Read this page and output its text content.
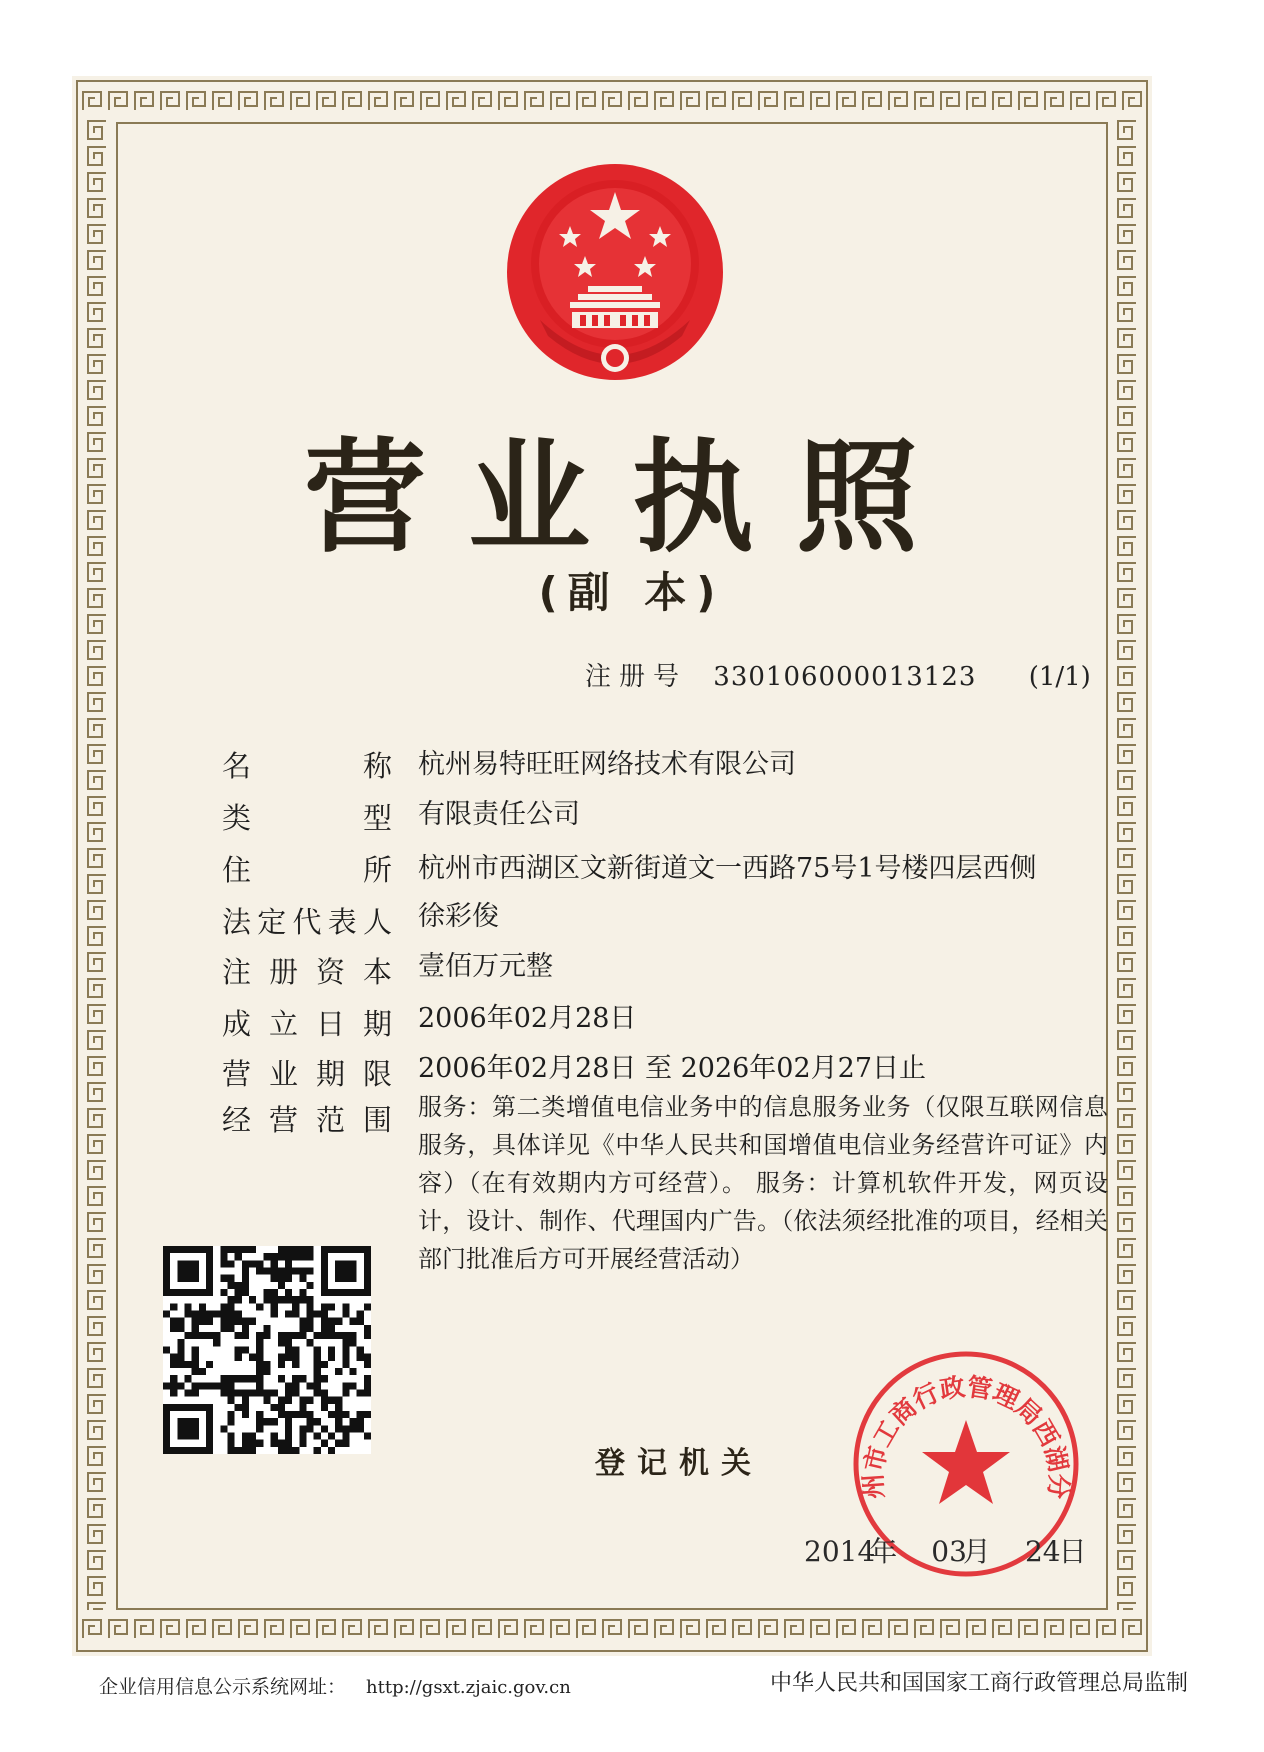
营业执照
(副 本)
注册号 330106000013123 (1/1)
名	称 杭州易特旺旺网络技术有限公司
类	型 有限责任公司
住	所 杭州市西湖区文新街道文一西路75号1号楼四层西侧
法 定 代 表 人 徐彩俊
注 册 资 本 壹佰万元整
成 立 日 期 2006年02月28日
营 业 期 限 2006年02月28日 至 2026年02月27日止
经 营 范 围 服务：第二类增值电信业务中的信息服务业务（仅限互联网信息服务，具体详见《中华人民共和国增值电信业务经营许可证》内容）（在有效期内方可经营）。 服务：计算机软件开发，网页设计，设计、制作、代理国内广告。（依法须经批准的项目，经相关部门批准后方可开展经营活动）
登记机关
州市工商行政管理局西湖分
2014年 03月 24日
企业信用信息公示系统网址： http://gsxt.zjaic.gov.cn	中华人民共和国国家工商行政管理总局监制
